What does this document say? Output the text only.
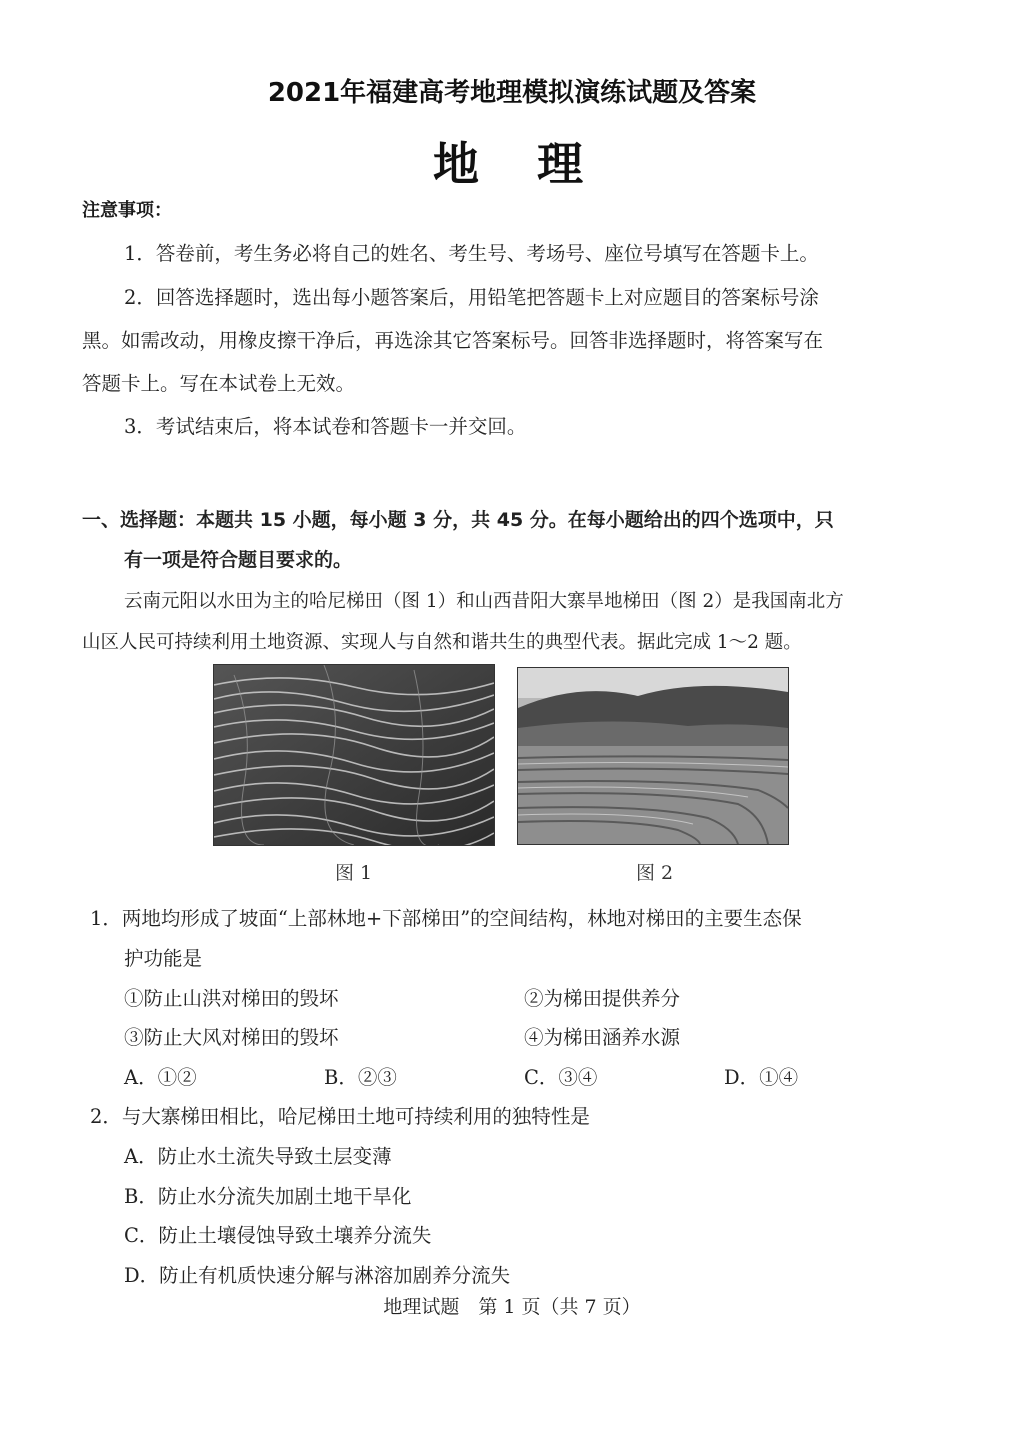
2021年福建高考地理模拟演练试题及答案
地 理
注意事项：
1．答卷前，考生务必将自己的姓名、考生号、考场号、座位号填写在答题卡上。
2．回答选择题时，选出每小题答案后，用铅笔把答题卡上对应题目的答案标号涂
黑。如需改动，用橡皮擦干净后，再选涂其它答案标号。回答非选择题时，将答案写在
答题卡上。写在本试卷上无效。
3．考试结束后，将本试卷和答题卡一并交回。
一、选择题：本题共 15 小题，每小题 3 分，共 45 分。在每小题给出的四个选项中，只
有一项是符合题目要求的。
云南元阳以水田为主的哈尼梯田（图 1）和山西昔阳大寨旱地梯田（图 2）是我国南北方
山区人民可持续利用土地资源、实现人与自然和谐共生的典型代表。据此完成 1～2 题。
图 1	图 2
1．两地均形成了坡面“上部林地+下部梯田”的空间结构，林地对梯田的主要生态保
护功能是
①防止山洪对梯田的毁坏	②为梯田提供养分
③防止大风对梯田的毁坏	④为梯田涵养水源
A．①②	B．②③	C．③④	D．①④
2．与大寨梯田相比，哈尼梯田土地可持续利用的独特性是
A．防止水土流失导致土层变薄
B．防止水分流失加剧土地干旱化
C．防止土壤侵蚀导致土壤养分流失
D．防止有机质快速分解与淋溶加剧养分流失
地理试题　第 1 页（共 7 页）
